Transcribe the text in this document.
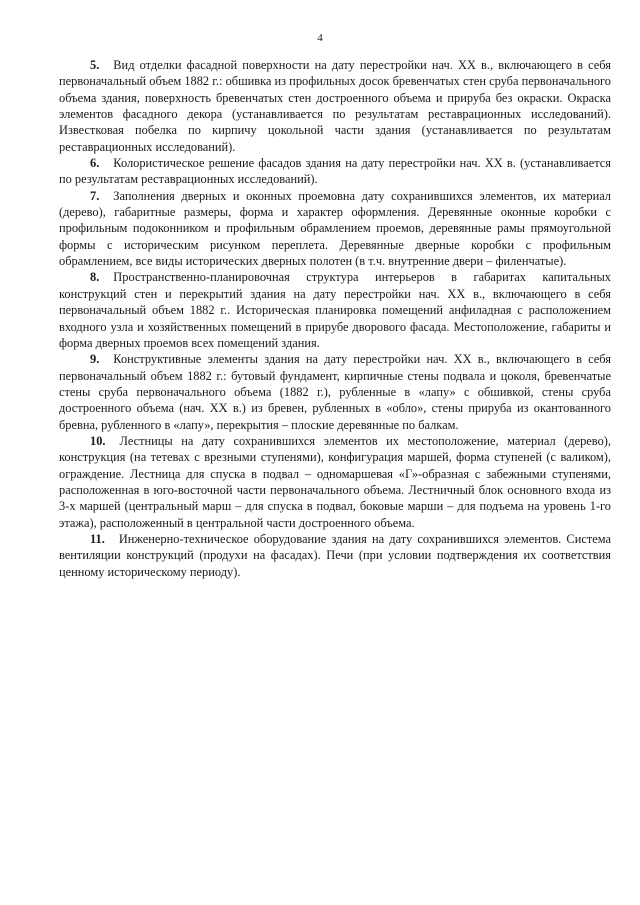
4

5. Вид отделки фасадной поверхности на дату перестройки нач. XX в., включающего в себя первоначальный объем 1882 г.: обшивка из профильных досок бревенчатых стен сруба первоначального объема здания, поверхность бревенчатых стен достроенного объема и прируба без окраски. Окраска элементов фасадного декора (устанавливается по результатам реставрационных исследований). Известковая побелка по кирпичу цокольной части здания (устанавливается по результатам реставрационных исследований).

6. Колористическое решение фасадов здания на дату перестройки нач. XX в. (устанавливается по результатам реставрационных исследований).

7. Заполнения дверных и оконных проемовна дату сохранившихся элементов, их материал (дерево), габаритные размеры, форма и характер оформления. Деревянные оконные коробки с профильным подоконником и профильным обрамлением проемов, деревянные рамы прямоугольной формы с историческим рисунком переплета. Деревянные дверные коробки с профильным обрамлением, все виды исторических дверных полотен (в т.ч. внутренние двери – филенчатые).

8. Пространственно-планировочная структура интерьеров в габаритах капитальных конструкций стен и перекрытий здания на дату перестройки нач. XX в., включающего в себя первоначальный объем 1882 г.. Историческая планировка помещений анфиладная с расположением входного узла и хозяйственных помещений в прирубе дворового фасада. Местоположение, габариты и форма дверных проемов всех помещений здания.

9. Конструктивные элементы здания на дату перестройки нач. XX в., включающего в себя первоначальный объем 1882 г.: бутовый фундамент, кирпичные стены подвала и цоколя, бревенчатые стены сруба первоначального объема (1882 г.), рубленные в «лапу» с обшивкой, стены сруба достроенного объема (нач. XX в.) из бревен, рубленных в «обло», стены прируба из окантованного бревна, рубленного в «лапу», перекрытия – плоские деревянные по балкам.

10. Лестницы на дату сохранившихся элементов их местоположение, материал (дерево), конструкция (на тетевах с врезными ступенями), конфигурация маршей, форма ступеней (с валиком), ограждение. Лестница для спуска в подвал – одномаршевая «Г»-образная с забежными ступенями, расположенная в юго-восточной части первоначального объема. Лестничный блок основного входа из 3-х маршей (центральный марш – для спуска в подвал, боковые марши – для подъема на уровень 1-го этажа), расположенный в центральной части достроенного объема.

11. Инженерно-техническое оборудование здания на дату сохранившихся элементов. Система вентиляции конструкций (продухи на фасадах). Печи (при условии подтверждения их соответствия ценному историческому периоду).
